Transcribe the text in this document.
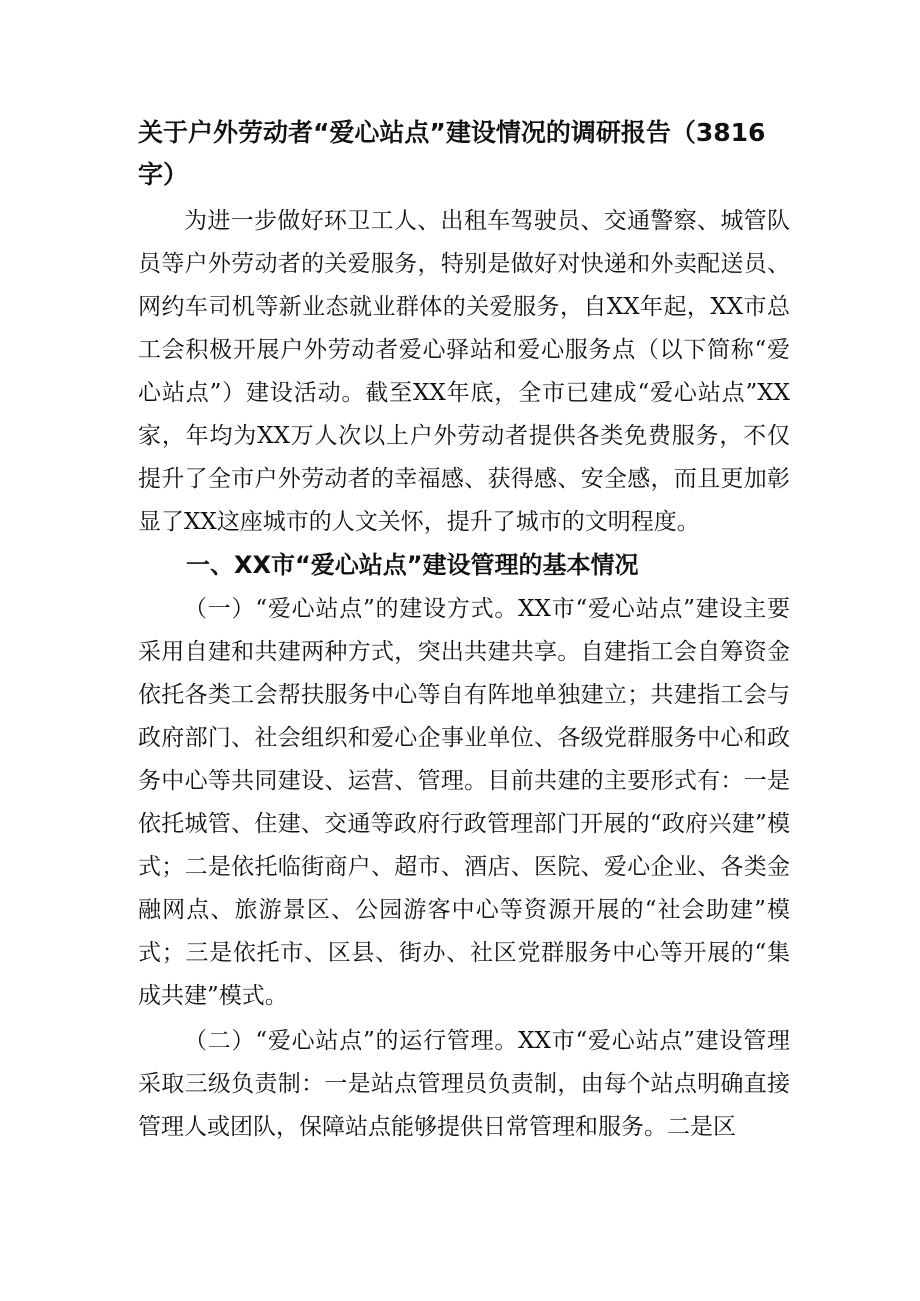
关于户外劳动者“爱心站点”建设情况的调研报告（3816字）

为进一步做好环卫工人、出租车驾驶员、交通警察、城管队员等户外劳动者的关爱服务，特别是做好对快递和外卖配送员、网约车司机等新业态就业群体的关爱服务，自XX年起，XX市总工会积极开展户外劳动者爱心驿站和爱心服务点（以下简称“爱心站点”）建设活动。截至XX年底，全市已建成“爱心站点”XX家，年均为XX万人次以上户外劳动者提供各类免费服务，不仅提升了全市户外劳动者的幸福感、获得感、安全感，而且更加彰显了XX这座城市的人文关怀，提升了城市的文明程度。

一、XX市“爱心站点”建设管理的基本情况

（一）“爱心站点”的建设方式。XX市“爱心站点”建设主要采用自建和共建两种方式，突出共建共享。自建指工会自筹资金依托各类工会帮扶服务中心等自有阵地单独建立；共建指工会与政府部门、社会组织和爱心企事业单位、各级党群服务中心和政务中心等共同建设、运营、管理。目前共建的主要形式有：一是依托城管、住建、交通等政府行政管理部门开展的“政府兴建”模式；二是依托临街商户、超市、酒店、医院、爱心企业、各类金融网点、旅游景区、公园游客中心等资源开展的“社会助建”模式；三是依托市、区县、街办、社区党群服务中心等开展的“集成共建”模式。

（二）“爱心站点”的运行管理。XX市“爱心站点”建设管理采取三级负责制：一是站点管理员负责制，由每个站点明确直接管理人或团队，保障站点能够提供日常管理和服务。二是区
